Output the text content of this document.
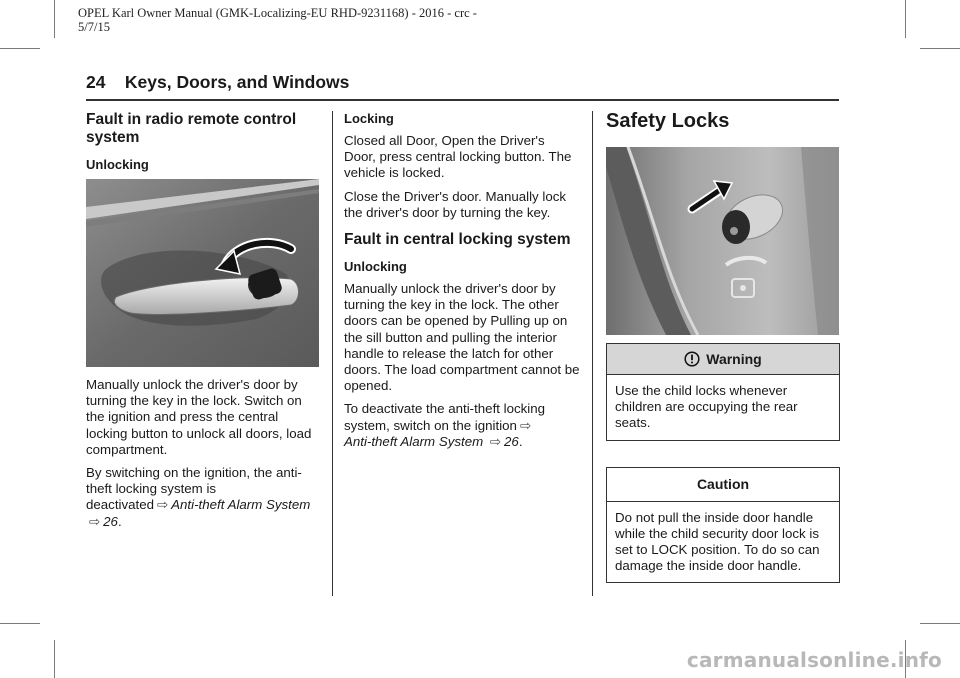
OPEL Karl Owner Manual (GMK-Localizing-EU RHD-9231168) - 2016 - crc -
5/7/15
24 Keys, Doors, and Windows
Fault in radio remote control system
Unlocking

Manually unlock the driver's door by turning the key in the lock. Switch on the ignition and press the central locking button to unlock all doors, load compartment.

By switching on the ignition, the anti-theft locking system is deactivated ⇨ Anti-theft Alarm System ⇨ 26.

Locking

Closed all Door, Open the Driver's Door, press central locking button. The vehicle is locked.

Close the Driver's door. Manually lock the driver's door by turning the key.

Fault in central locking system
Unlocking

Manually unlock the driver's door by turning the key in the lock. The other doors can be opened by Pulling up on the sill button and pulling the interior handle to release the latch for other doors. The load compartment cannot be opened.

To deactivate the anti-theft locking system, switch on the ignition ⇨
Anti-theft Alarm System ⇨ 26.

Safety Locks
Warning
Use the child locks whenever children are occupying the rear seats.
Caution
Do not pull the inside door handle while the child security door lock is set to LOCK position. To do so can damage the inside door handle.
carmanualsonline.info
